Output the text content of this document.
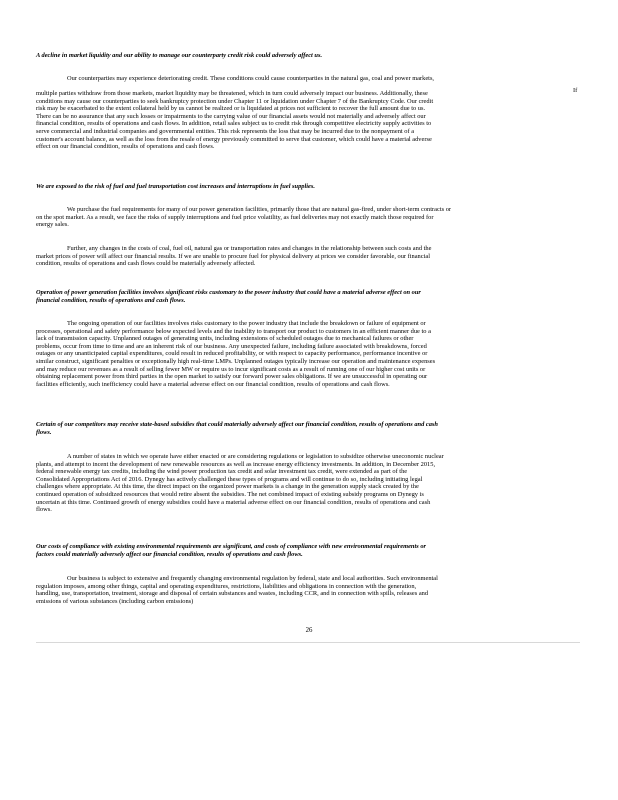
A decline in market liquidity and our ability to manage our counterparty credit risk could adversely affect us.
Our counterparties may experience deteriorating credit. These conditions could cause counterparties in the natural gas, coal and power markets,
multiple parties withdraw from those markets, market liquidity may be threatened, which in turn could adversely impact our business. Additionally, these
conditions may cause our counterparties to seek bankruptcy protection under Chapter 11 or liquidation under Chapter 7 of the Bankruptcy Code. Our credit
risk may be exacerbated to the extent collateral held by us cannot be realized or is liquidated at prices not sufficient to recover the full amount due to us.
There can be no assurance that any such losses or impairments to the carrying value of our financial assets would not materially and adversely affect our
financial condition, results of operations and cash flows. In addition, retail sales subject us to credit risk through competitive electricity supply activities to
serve commercial and industrial companies and governmental entities. This risk represents the loss that may be incurred due to the nonpayment of a
customer's account balance, as well as the loss from the resale of energy previously committed to serve that customer, which could have a material adverse
effect on our financial condition, results of operations and cash flows.
If
We are exposed to the risk of fuel and fuel transportation cost increases and interruptions in fuel supplies.
We purchase the fuel requirements for many of our power generation facilities, primarily those that are natural gas-fired, under short-term contracts or
on the spot market. As a result, we face the risks of supply interruptions and fuel price volatility, as fuel deliveries may not exactly match those required for
energy sales.
Further, any changes in the costs of coal, fuel oil, natural gas or transportation rates and changes in the relationship between such costs and the
market prices of power will affect our financial results. If we are unable to procure fuel for physical delivery at prices we consider favorable, our financial
condition, results of operations and cash flows could be materially adversely affected.
Operation of power generation facilities involves significant risks customary to the power industry that could have a material adverse effect on our
financial condition, results of operations and cash flows.
The ongoing operation of our facilities involves risks customary to the power industry that include the breakdown or failure of equipment or
processes, operational and safety performance below expected levels and the inability to transport our product to customers in an efficient manner due to a
lack of transmission capacity. Unplanned outages of generating units, including extensions of scheduled outages due to mechanical failures or other
problems, occur from time to time and are an inherent risk of our business. Any unexpected failure, including failure associated with breakdowns, forced
outages or any unanticipated capital expenditures, could result in reduced profitability, or with respect to capacity performance, performance incentive or
similar construct, significant penalties or exceptionally high real-time LMPs. Unplanned outages typically increase our operation and maintenance expenses
and may reduce our revenues as a result of selling fewer MW or require us to incur significant costs as a result of running one of our higher cost units or
obtaining replacement power from third parties in the open market to satisfy our forward power sales obligations. If we are unsuccessful in operating our
facilities efficiently, such inefficiency could have a material adverse effect on our financial condition, results of operations and cash flows.
Certain of our competitors may receive state-based subsidies that could materially adversely affect our financial condition, results of operations and cash
flows.
A number of states in which we operate have either enacted or are considering regulations or legislation to subsidize otherwise uneconomic nuclear
plants, and attempt to incent the development of new renewable resources as well as increase energy efficiency investments. In addition, in December 2015,
federal renewable energy tax credits, including the wind power production tax credit and solar investment tax credit, were extended as part of the
Consolidated Appropriations Act of 2016. Dynegy has actively challenged these types of programs and will continue to do so, including initiating legal
challenges where appropriate. At this time, the direct impact on the organized power markets is a change in the generation supply stack created by the
continued operation of subsidized resources that would retire absent the subsidies. The net combined impact of existing subsidy programs on Dynegy is
uncertain at this time. Continued growth of energy subsidies could have a material adverse effect on our financial condition, results of operations and cash
flows.
Our costs of compliance with existing environmental requirements are significant, and costs of compliance with new environmental requirements or
factors could materially adversely affect our financial condition, results of operations and cash flows.
Our business is subject to extensive and frequently changing environmental regulation by federal, state and local authorities. Such environmental
regulation imposes, among other things, capital and operating expenditures, restrictions, liabilities and obligations in connection with the generation,
handling, use, transportation, treatment, storage and disposal of certain substances and wastes, including CCR, and in connection with spills, releases and
emissions of various substances (including carbon emissions)
26
